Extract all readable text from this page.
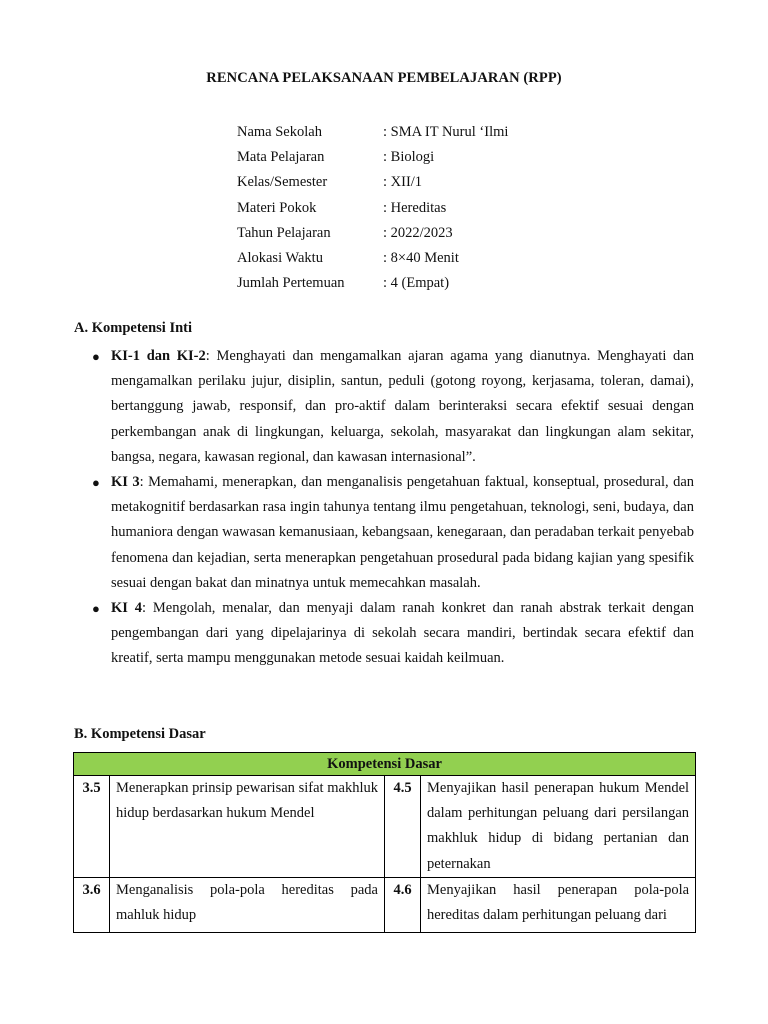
RENCANA PELAKSANAAN PEMBELAJARAN (RPP)
Nama Sekolah	: SMA IT Nurul ‘Ilmi
Mata Pelajaran	: Biologi
Kelas/Semester	: XII/1
Materi Pokok	: Hereditas
Tahun Pelajaran	: 2022/2023
Alokasi Waktu	: 8×40 Menit
Jumlah Pertemuan	: 4 (Empat)
A. Kompetensi Inti
● KI-1 dan KI-2: Menghayati dan mengamalkan ajaran agama yang dianutnya. Menghayati dan mengamalkan perilaku jujur, disiplin, santun, peduli (gotong royong, kerjasama, toleran, damai), bertanggung jawab, responsif, dan pro-aktif dalam berinteraksi secara efektif sesuai dengan perkembangan anak di lingkungan, keluarga, sekolah, masyarakat dan lingkungan alam sekitar, bangsa, negara, kawasan regional, dan kawasan internasional”.
● KI 3: Memahami, menerapkan, dan menganalisis pengetahuan faktual, konseptual, prosedural, dan metakognitif berdasarkan rasa ingin tahunya tentang ilmu pengetahuan, teknologi, seni, budaya, dan humaniora dengan wawasan kemanusiaan, kebangsaan, kenegaraan, dan peradaban terkait penyebab fenomena dan kejadian, serta menerapkan pengetahuan prosedural pada bidang kajian yang spesifik sesuai dengan bakat dan minatnya untuk memecahkan masalah.
● KI 4: Mengolah, menalar, dan menyaji dalam ranah konkret dan ranah abstrak terkait dengan pengembangan dari yang dipelajarinya di sekolah secara mandiri, bertindak secara efektif dan kreatif, serta mampu menggunakan metode sesuai kaidah keilmuan.
B. Kompetensi Dasar
Kompetensi Dasar			
3.5	Menerapkan prinsip pewarisan sifat makhluk hidup berdasarkan hukum Mendel	4.5	Menyajikan hasil penerapan hukum Mendel dalam perhitungan peluang dari persilangan makhluk hidup di bidang pertanian dan peternakan
3.6	Menganalisis pola-pola hereditas pada mahluk hidup	4.6	Menyajikan hasil penerapan pola-pola hereditas dalam perhitungan peluang dari
